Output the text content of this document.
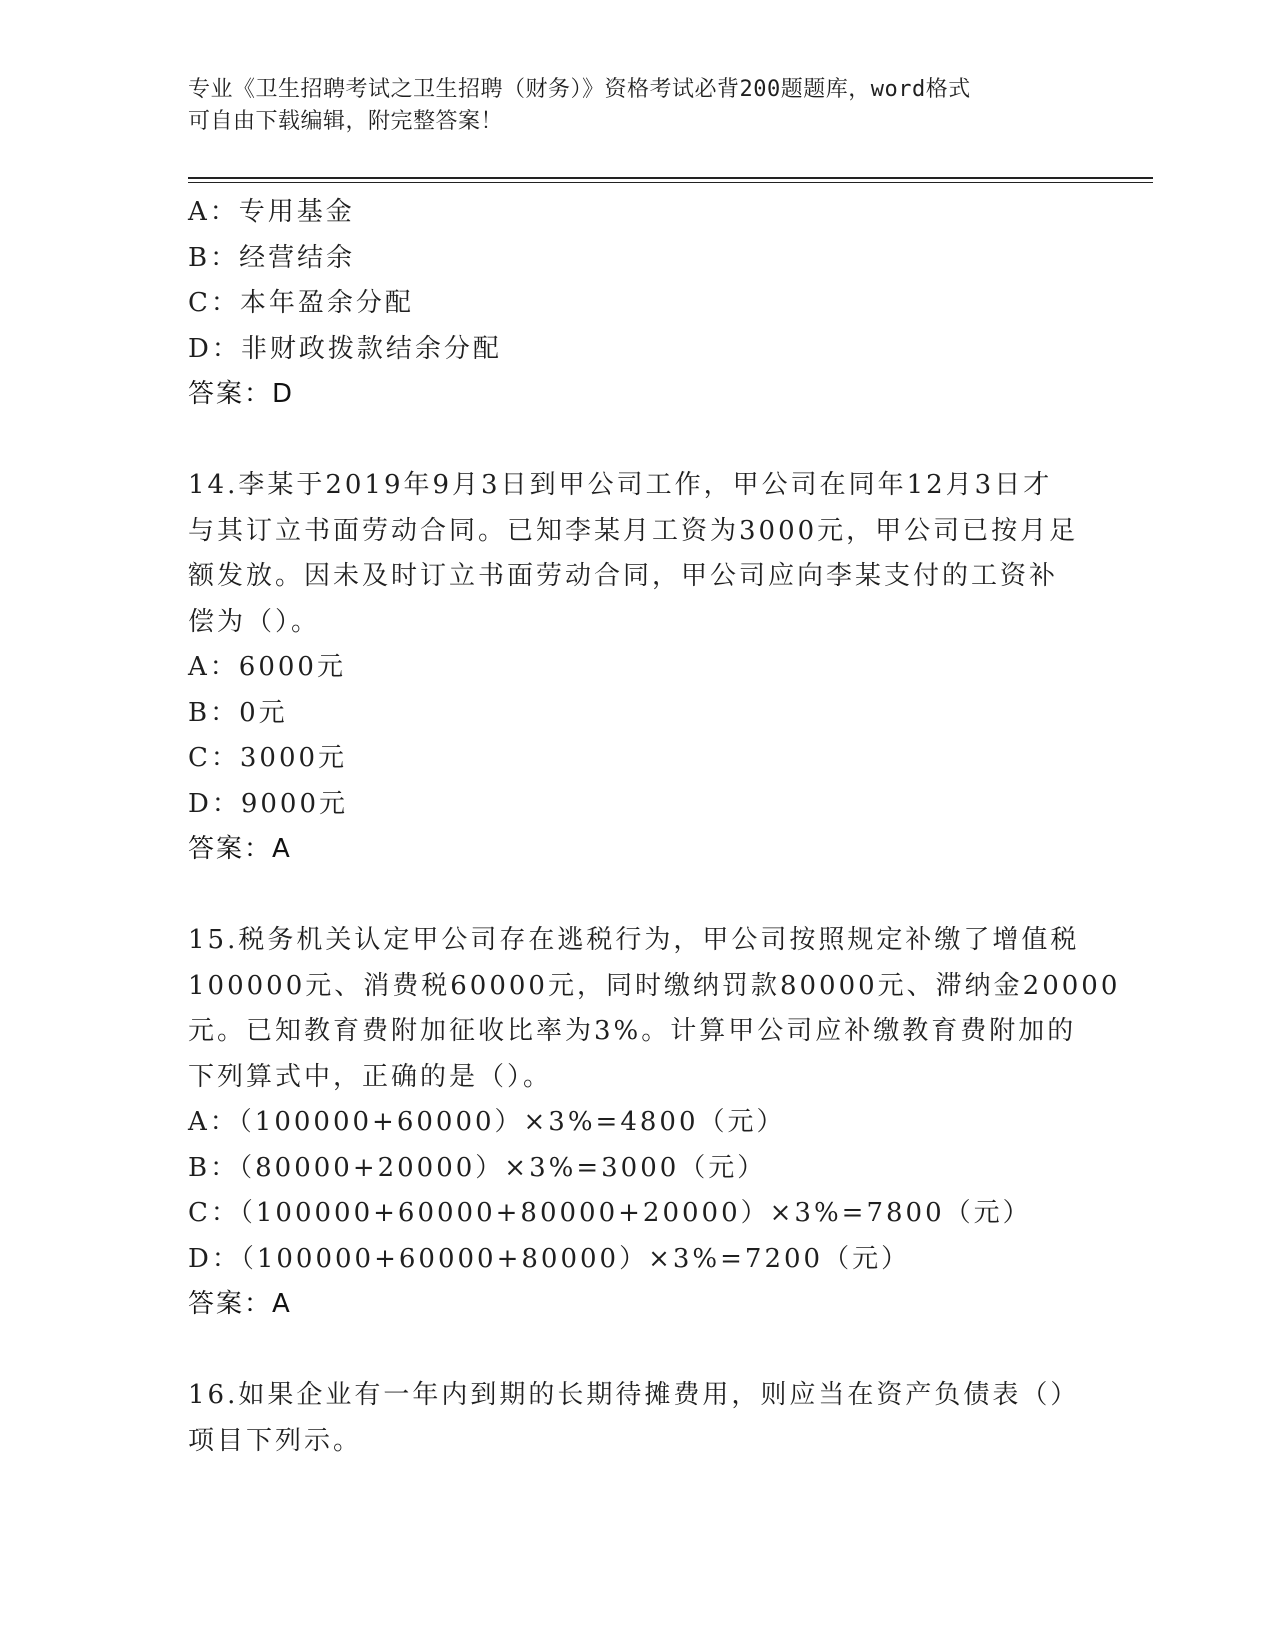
专业《卫生招聘考试之卫生招聘（财务）》资格考试必背200题题库，word格式
可自由下载编辑，附完整答案！
A：专用基金
B：经营结余
C：本年盈余分配
D：非财政拨款结余分配
答案：D
14.李某于2019年9月3日到甲公司工作，甲公司在同年12月3日才
与其订立书面劳动合同。已知李某月工资为3000元，甲公司已按月足
额发放。因未及时订立书面劳动合同，甲公司应向李某支付的工资补
偿为（）。
A：6000元
B：0元
C：3000元
D：9000元
答案：A
15.税务机关认定甲公司存在逃税行为，甲公司按照规定补缴了增值税
100000元、消费税60000元，同时缴纳罚款80000元、滞纳金20000
元。已知教育费附加征收比率为3%。计算甲公司应补缴教育费附加的
下列算式中，正确的是（）。
A：（100000+60000）×3%=4800（元）
B：（80000+20000）×3%=3000（元）
C：（100000+60000+80000+20000）×3%=7800（元）
D：（100000+60000+80000）×3%=7200（元）
答案：A
16.如果企业有一年内到期的长期待摊费用，则应当在资产负债表（）
项目下列示。
